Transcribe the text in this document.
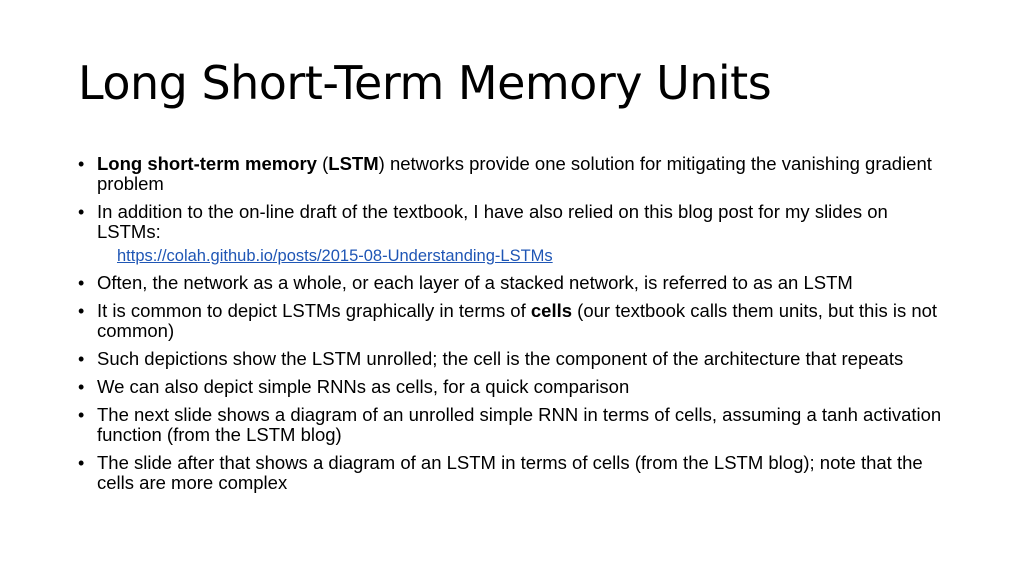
Long Short-Term Memory Units
• Long short-term memory (LSTM) networks provide one solution for mitigating the vanishing gradient problem
• In addition to the on-line draft of the textbook, I have also relied on this blog post for my slides on LSTMs:
https://colah.github.io/posts/2015-08-Understanding-LSTMs
• Often, the network as a whole, or each layer of a stacked network, is referred to as an LSTM
• It is common to depict LSTMs graphically in terms of cells (our textbook calls them units, but this is not common)
• Such depictions show the LSTM unrolled; the cell is the component of the architecture that repeats
• We can also depict simple RNNs as cells, for a quick comparison
• The next slide shows a diagram of an unrolled simple RNN in terms of cells, assuming a tanh activation function (from the LSTM blog)
• The slide after that shows a diagram of an LSTM in terms of cells (from the LSTM blog); note that the cells are more complex
